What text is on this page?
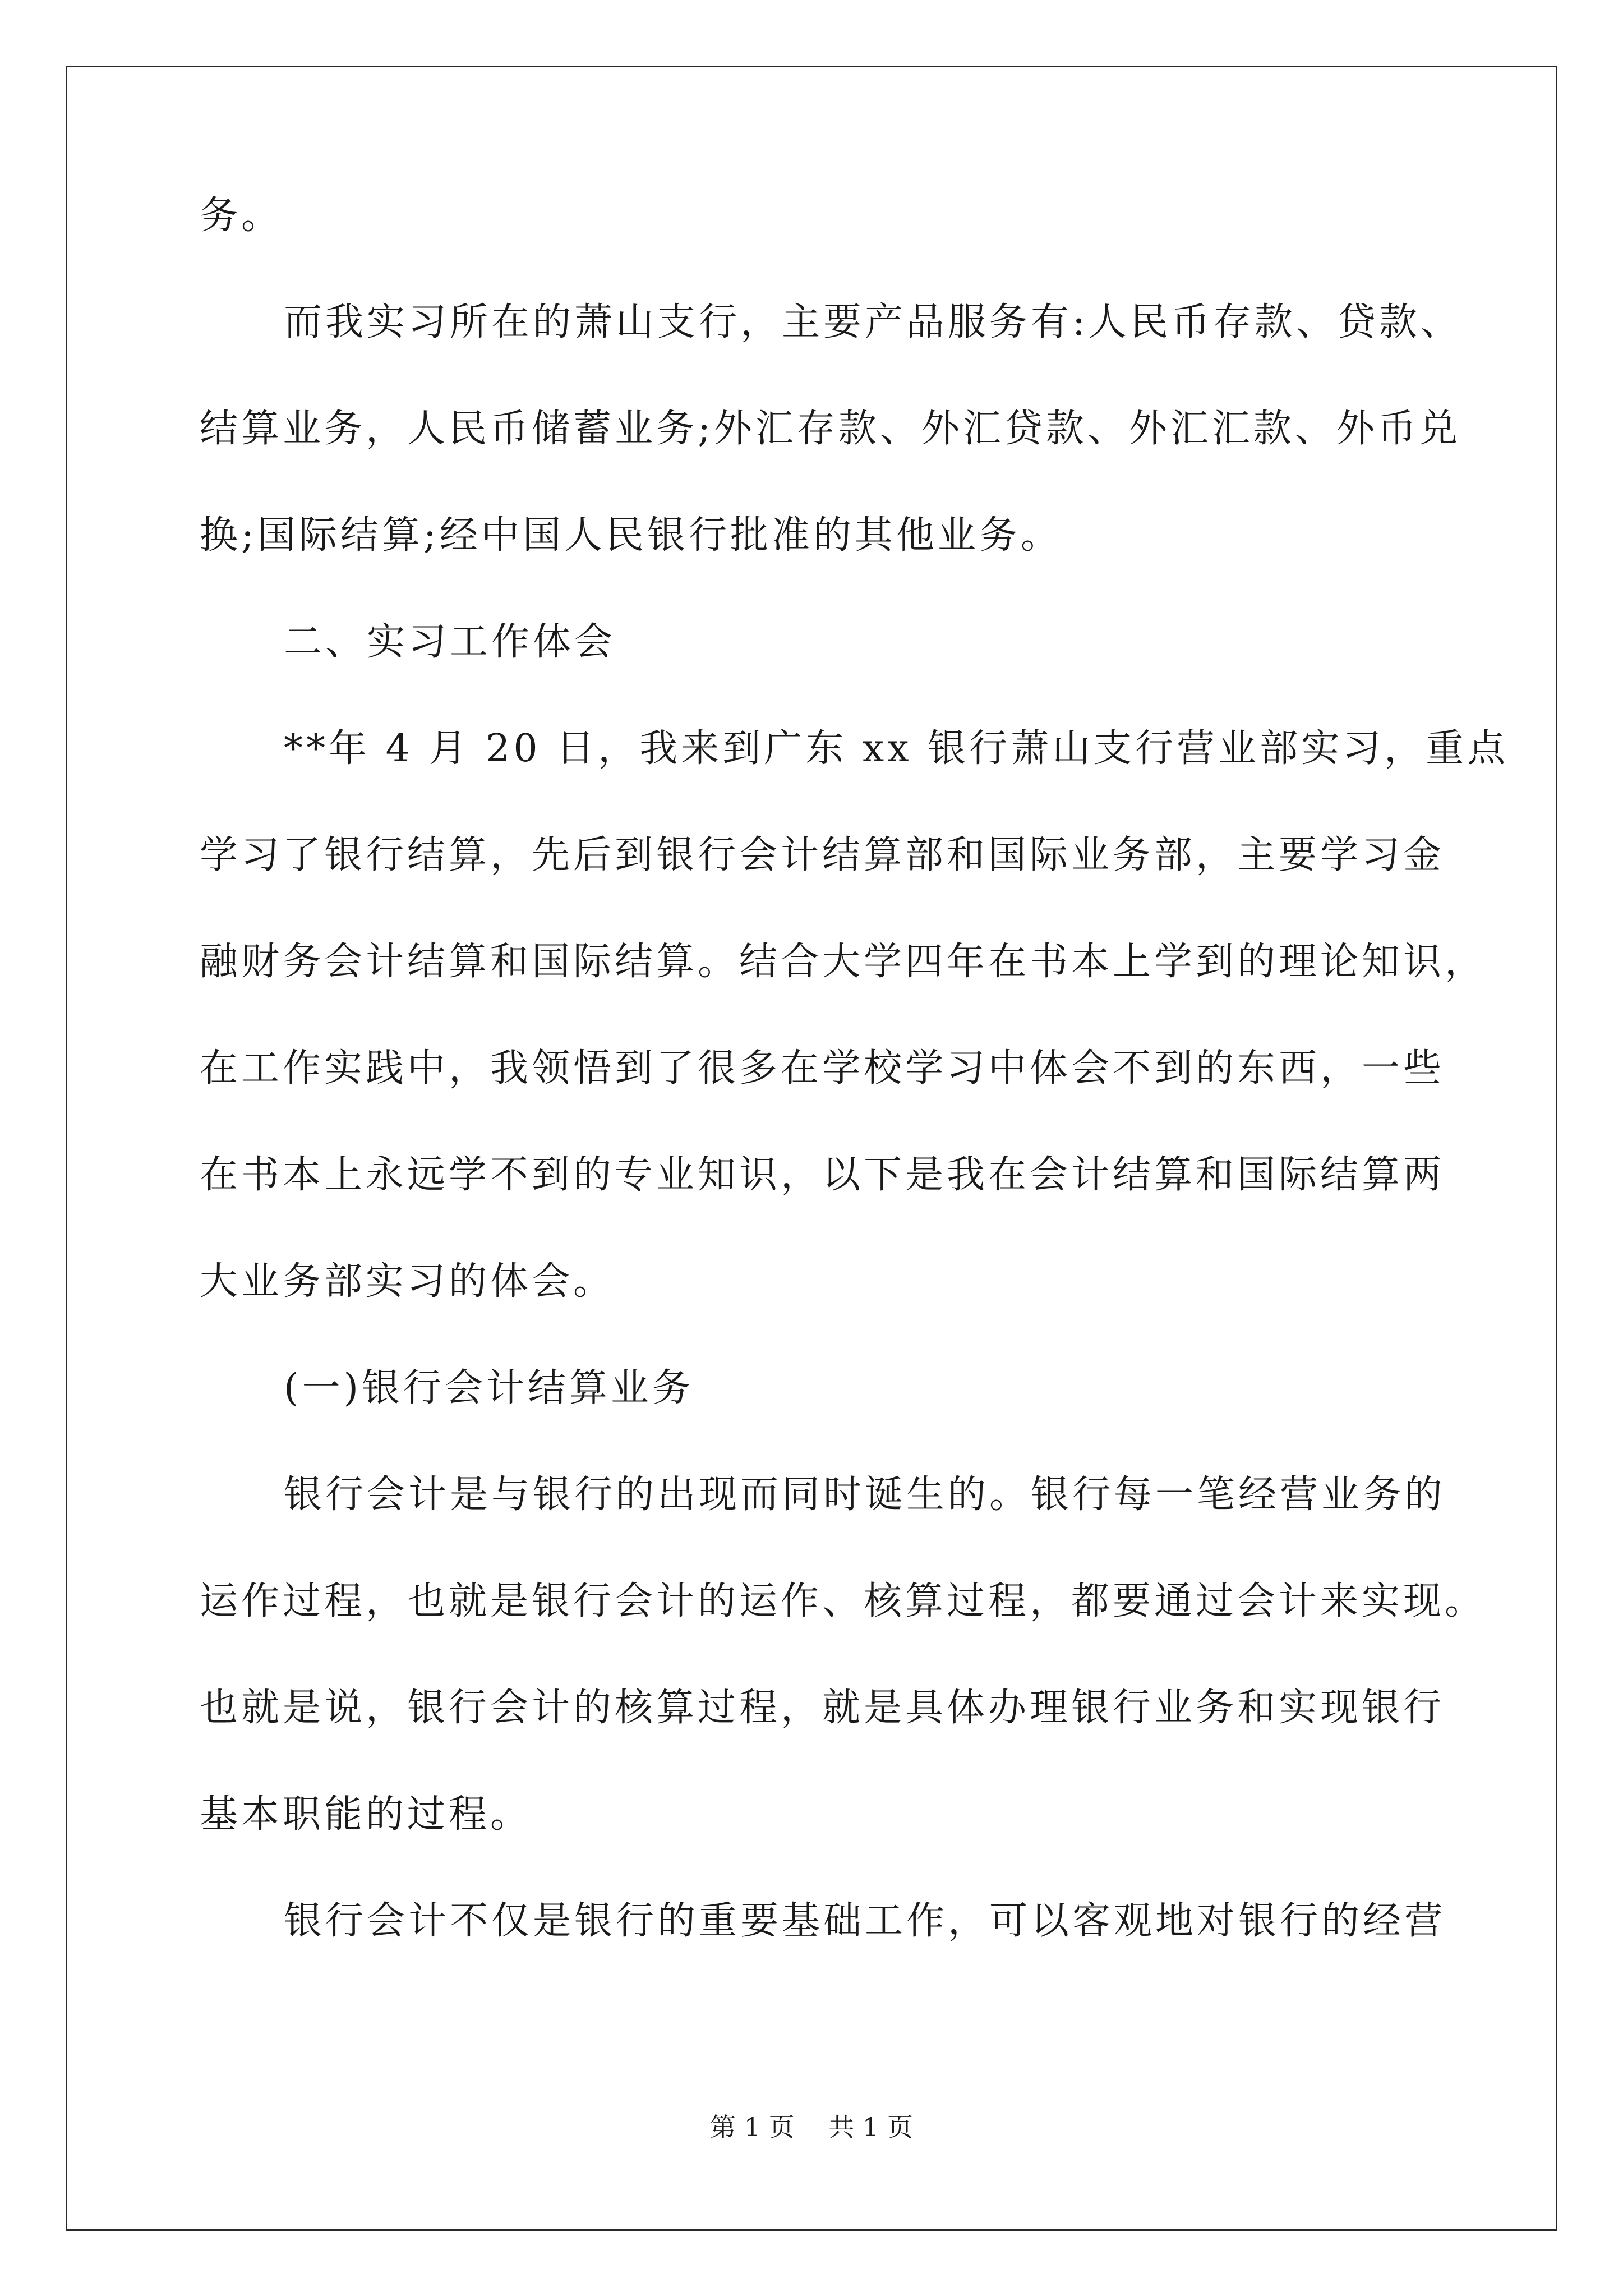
务。
而我实习所在的萧山支行，主要产品服务有:人民币存款、贷款、
结算业务，人民币储蓄业务;外汇存款、外汇贷款、外汇汇款、外币兑
换;国际结算;经中国人民银行批准的其他业务。
二、实习工作体会
**年 4 月 20 日，我来到广东 xx 银行萧山支行营业部实习，重点
学习了银行结算，先后到银行会计结算部和国际业务部，主要学习金
融财务会计结算和国际结算。结合大学四年在书本上学到的理论知识，
在工作实践中，我领悟到了很多在学校学习中体会不到的东西，一些
在书本上永远学不到的专业知识，以下是我在会计结算和国际结算两
大业务部实习的体会。
(一)银行会计结算业务
银行会计是与银行的出现而同时诞生的。银行每一笔经营业务的
运作过程，也就是银行会计的运作、核算过程，都要通过会计来实现。
也就是说，银行会计的核算过程，就是具体办理银行业务和实现银行
基本职能的过程。
银行会计不仅是银行的重要基础工作，可以客观地对银行的经营
第 1 页 共 1 页
